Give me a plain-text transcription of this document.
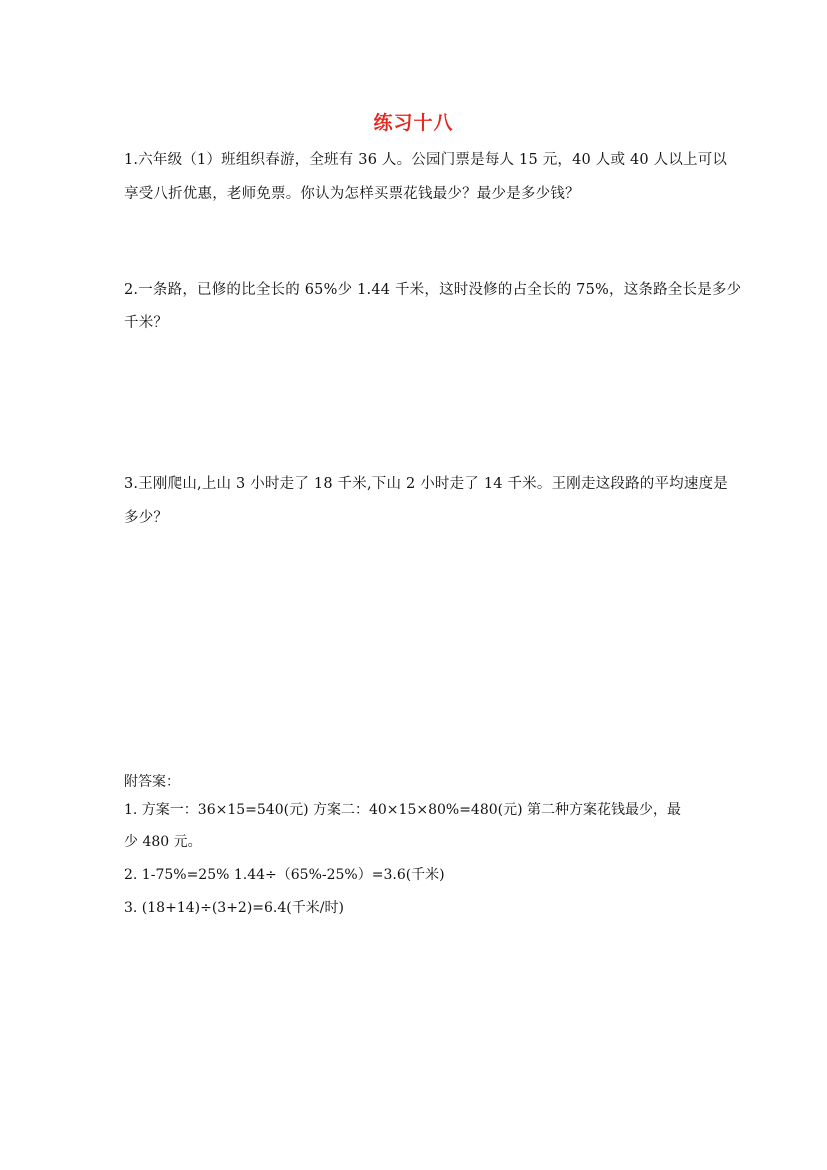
练习十八
1.六年级（1）班组织春游，全班有 36 人。公园门票是每人 15 元，40 人或 40 人以上可以
享受八折优惠，老师免票。你认为怎样买票花钱最少？最少是多少钱？
2.一条路，已修的比全长的 65%少 1.44 千米，这时没修的占全长的 75%，这条路全长是多少
千米？
3.王刚爬山,上山 3 小时走了 18 千米,下山 2 小时走了 14 千米。王刚走这段路的平均速度是
多少？
附答案：
1. 方案一：36×15=540(元) 方案二：40×15×80%=480(元) 第二种方案花钱最少，最
少 480 元。
2. 1-75%=25% 1.44÷（65%-25%）=3.6(千米)
3. (18+14)÷(3+2)=6.4(千米/时)
